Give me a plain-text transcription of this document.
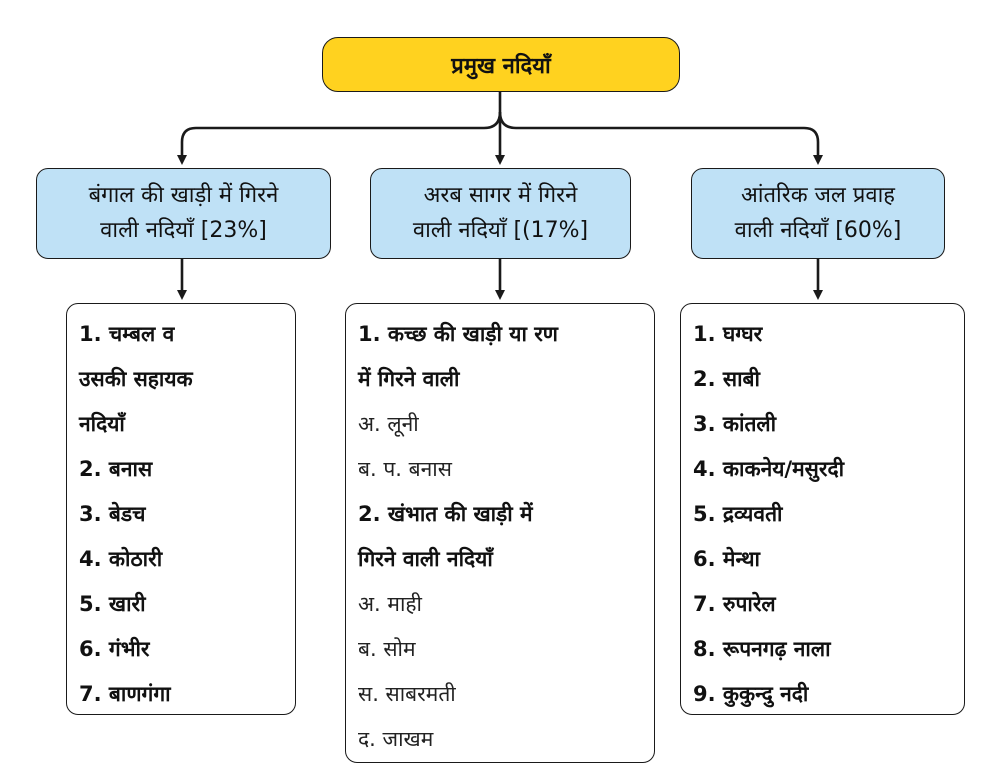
प्रमुख नदियाँ
बंगाल की खाड़ी में गिरने
वाली नदियाँ [23%]
अरब सागर में गिरने
वाली नदियाँ [(17%]
आंतरिक जल प्रवाह
वाली नदियाँ [60%]
1. चम्बल व
उसकी सहायक
नदियाँ
2. बनास
3. बेडच
4. कोठारी
5. खारी
6. गंभीर
7. बाणगंगा
1. कच्छ की खाड़ी या रण
में गिरने वाली
अ. लूनी
ब. प. बनास
2. खंभात की खाड़ी में
गिरने वाली नदियाँ
अ. माही
ब. सोम
स. साबरमती
द. जाखम
1. घग्घर
2. साबी
3. कांतली
4. काकनेय/मसुरदी
5. द्रव्यवती
6. मेन्था
7. रुपारेल
8. रूपनगढ़ नाला
9. कुकुन्दु नदी
